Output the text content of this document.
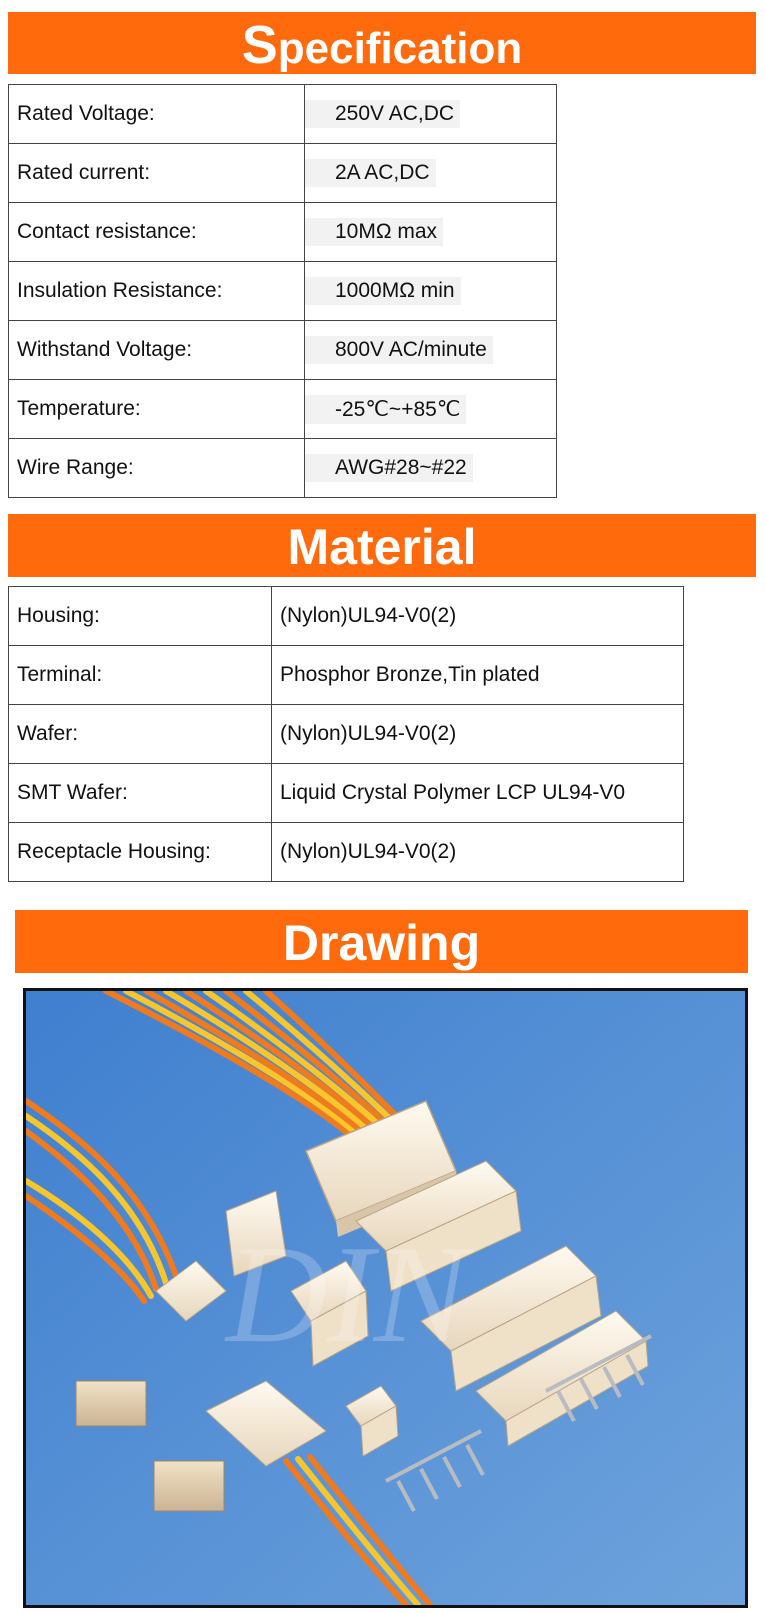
Specification
Rated Voltage:	250V AC,DC
Rated current:	2A AC,DC
Contact resistance:	10MΩ max
Insulation Resistance:	1000MΩ min
Withstand Voltage:	800V AC/minute
Temperature:	-25℃~+85℃
Wire Range:	AWG#28~#22
Material
Housing:	(Nylon)UL94-V0(2)
Terminal:	Phosphor Bronze,Tin plated
Wafer:	(Nylon)UL94-V0(2)
SMT Wafer:	Liquid Crystal Polymer LCP UL94-V0
Receptacle Housing:	(Nylon)UL94-V0(2)
Drawing
DIN
